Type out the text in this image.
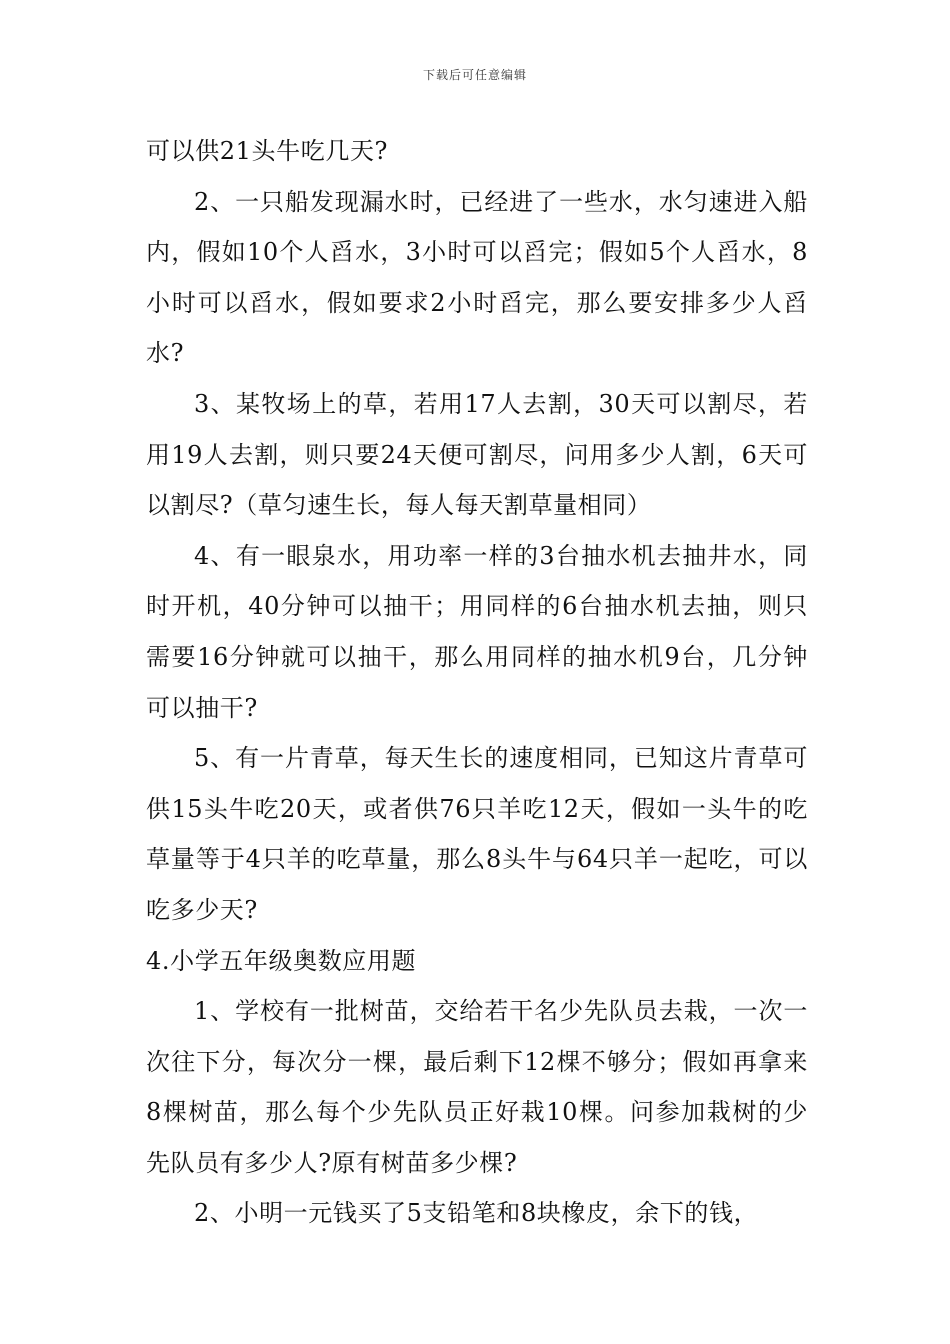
下载后可任意编辑

可以供21头牛吃几天?

2、一只船发现漏水时，已经进了一些水，水匀速进入船内，假如10个人舀水，3小时可以舀完；假如5个人舀水，8小时可以舀水，假如要求2小时舀完，那么要安排多少人舀水?

3、某牧场上的草，若用17人去割，30天可以割尽，若用19人去割，则只要24天便可割尽，问用多少人割，6天可以割尽?（草匀速生长，每人每天割草量相同）

4、有一眼泉水，用功率一样的3台抽水机去抽井水，同时开机，40分钟可以抽干；用同样的6台抽水机去抽，则只需要16分钟就可以抽干，那么用同样的抽水机9台，几分钟可以抽干?

5、有一片青草，每天生长的速度相同，已知这片青草可供15头牛吃20天，或者供76只羊吃12天，假如一头牛的吃草量等于4只羊的吃草量，那么8头牛与64只羊一起吃，可以吃多少天?

4.小学五年级奥数应用题

1、学校有一批树苗，交给若干名少先队员去栽，一次一次往下分，每次分一棵，最后剩下12棵不够分；假如再拿来8棵树苗，那么每个少先队员正好栽10棵。问参加栽树的少先队员有多少人?原有树苗多少棵?

2、小明一元钱买了5支铅笔和8块橡皮，余下的钱，
